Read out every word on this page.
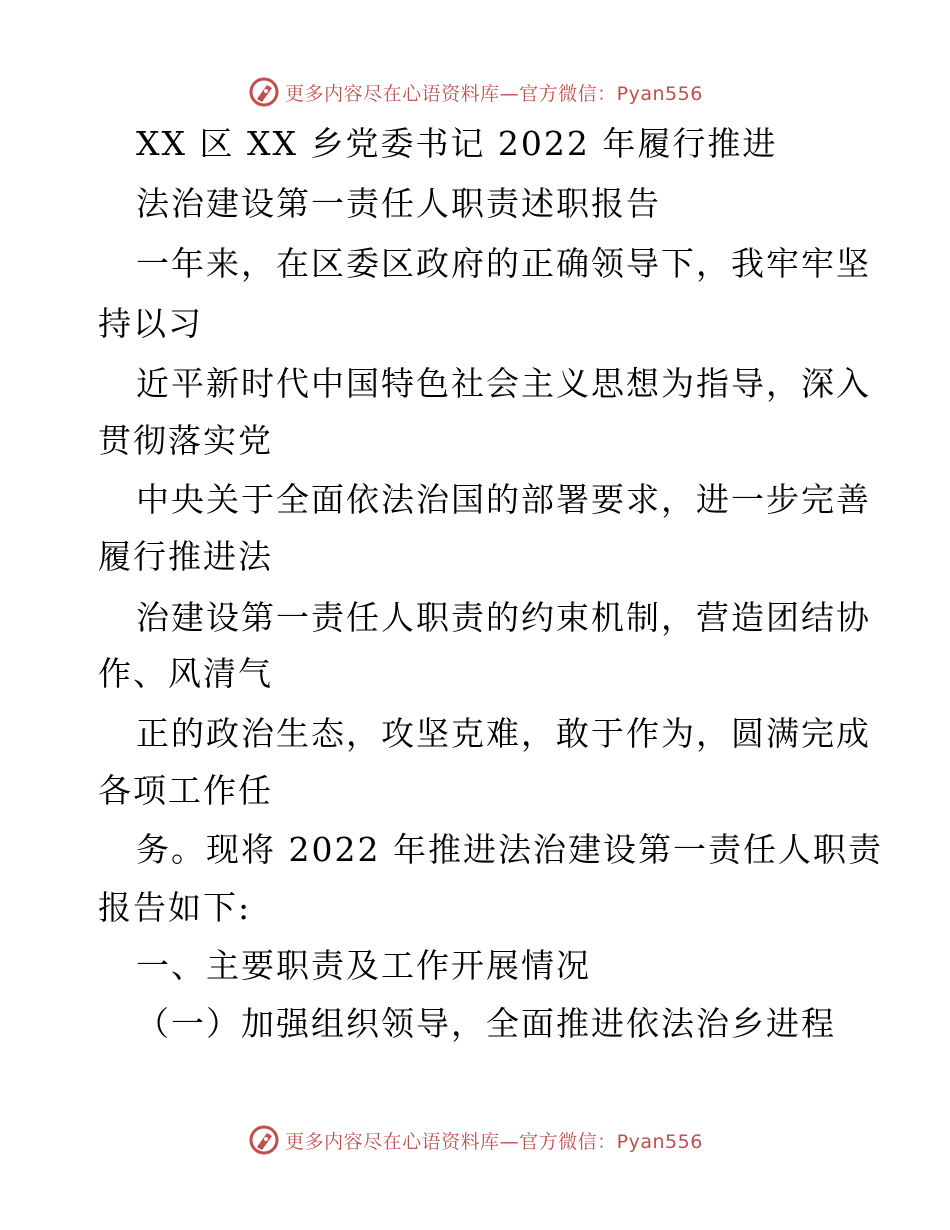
更多内容尽在心语资料库—官方微信：Pyan556
XX 区 XX 乡党委书记 2022 年履行推进
法治建设第一责任人职责述职报告
一年来，在区委区政府的正确领导下，我牢牢坚
持以习
近平新时代中国特色社会主义思想为指导，深入
贯彻落实党
中央关于全面依法治国的部署要求，进一步完善
履行推进法
治建设第一责任人职责的约束机制，营造团结协
作、风清气
正的政治生态，攻坚克难，敢于作为，圆满完成
各项工作任
务。现将 2022 年推进法治建设第一责任人职责
报告如下:
一、主要职责及工作开展情况
（一）加强组织领导，全面推进依法治乡进程
更多内容尽在心语资料库—官方微信：Pyan556
